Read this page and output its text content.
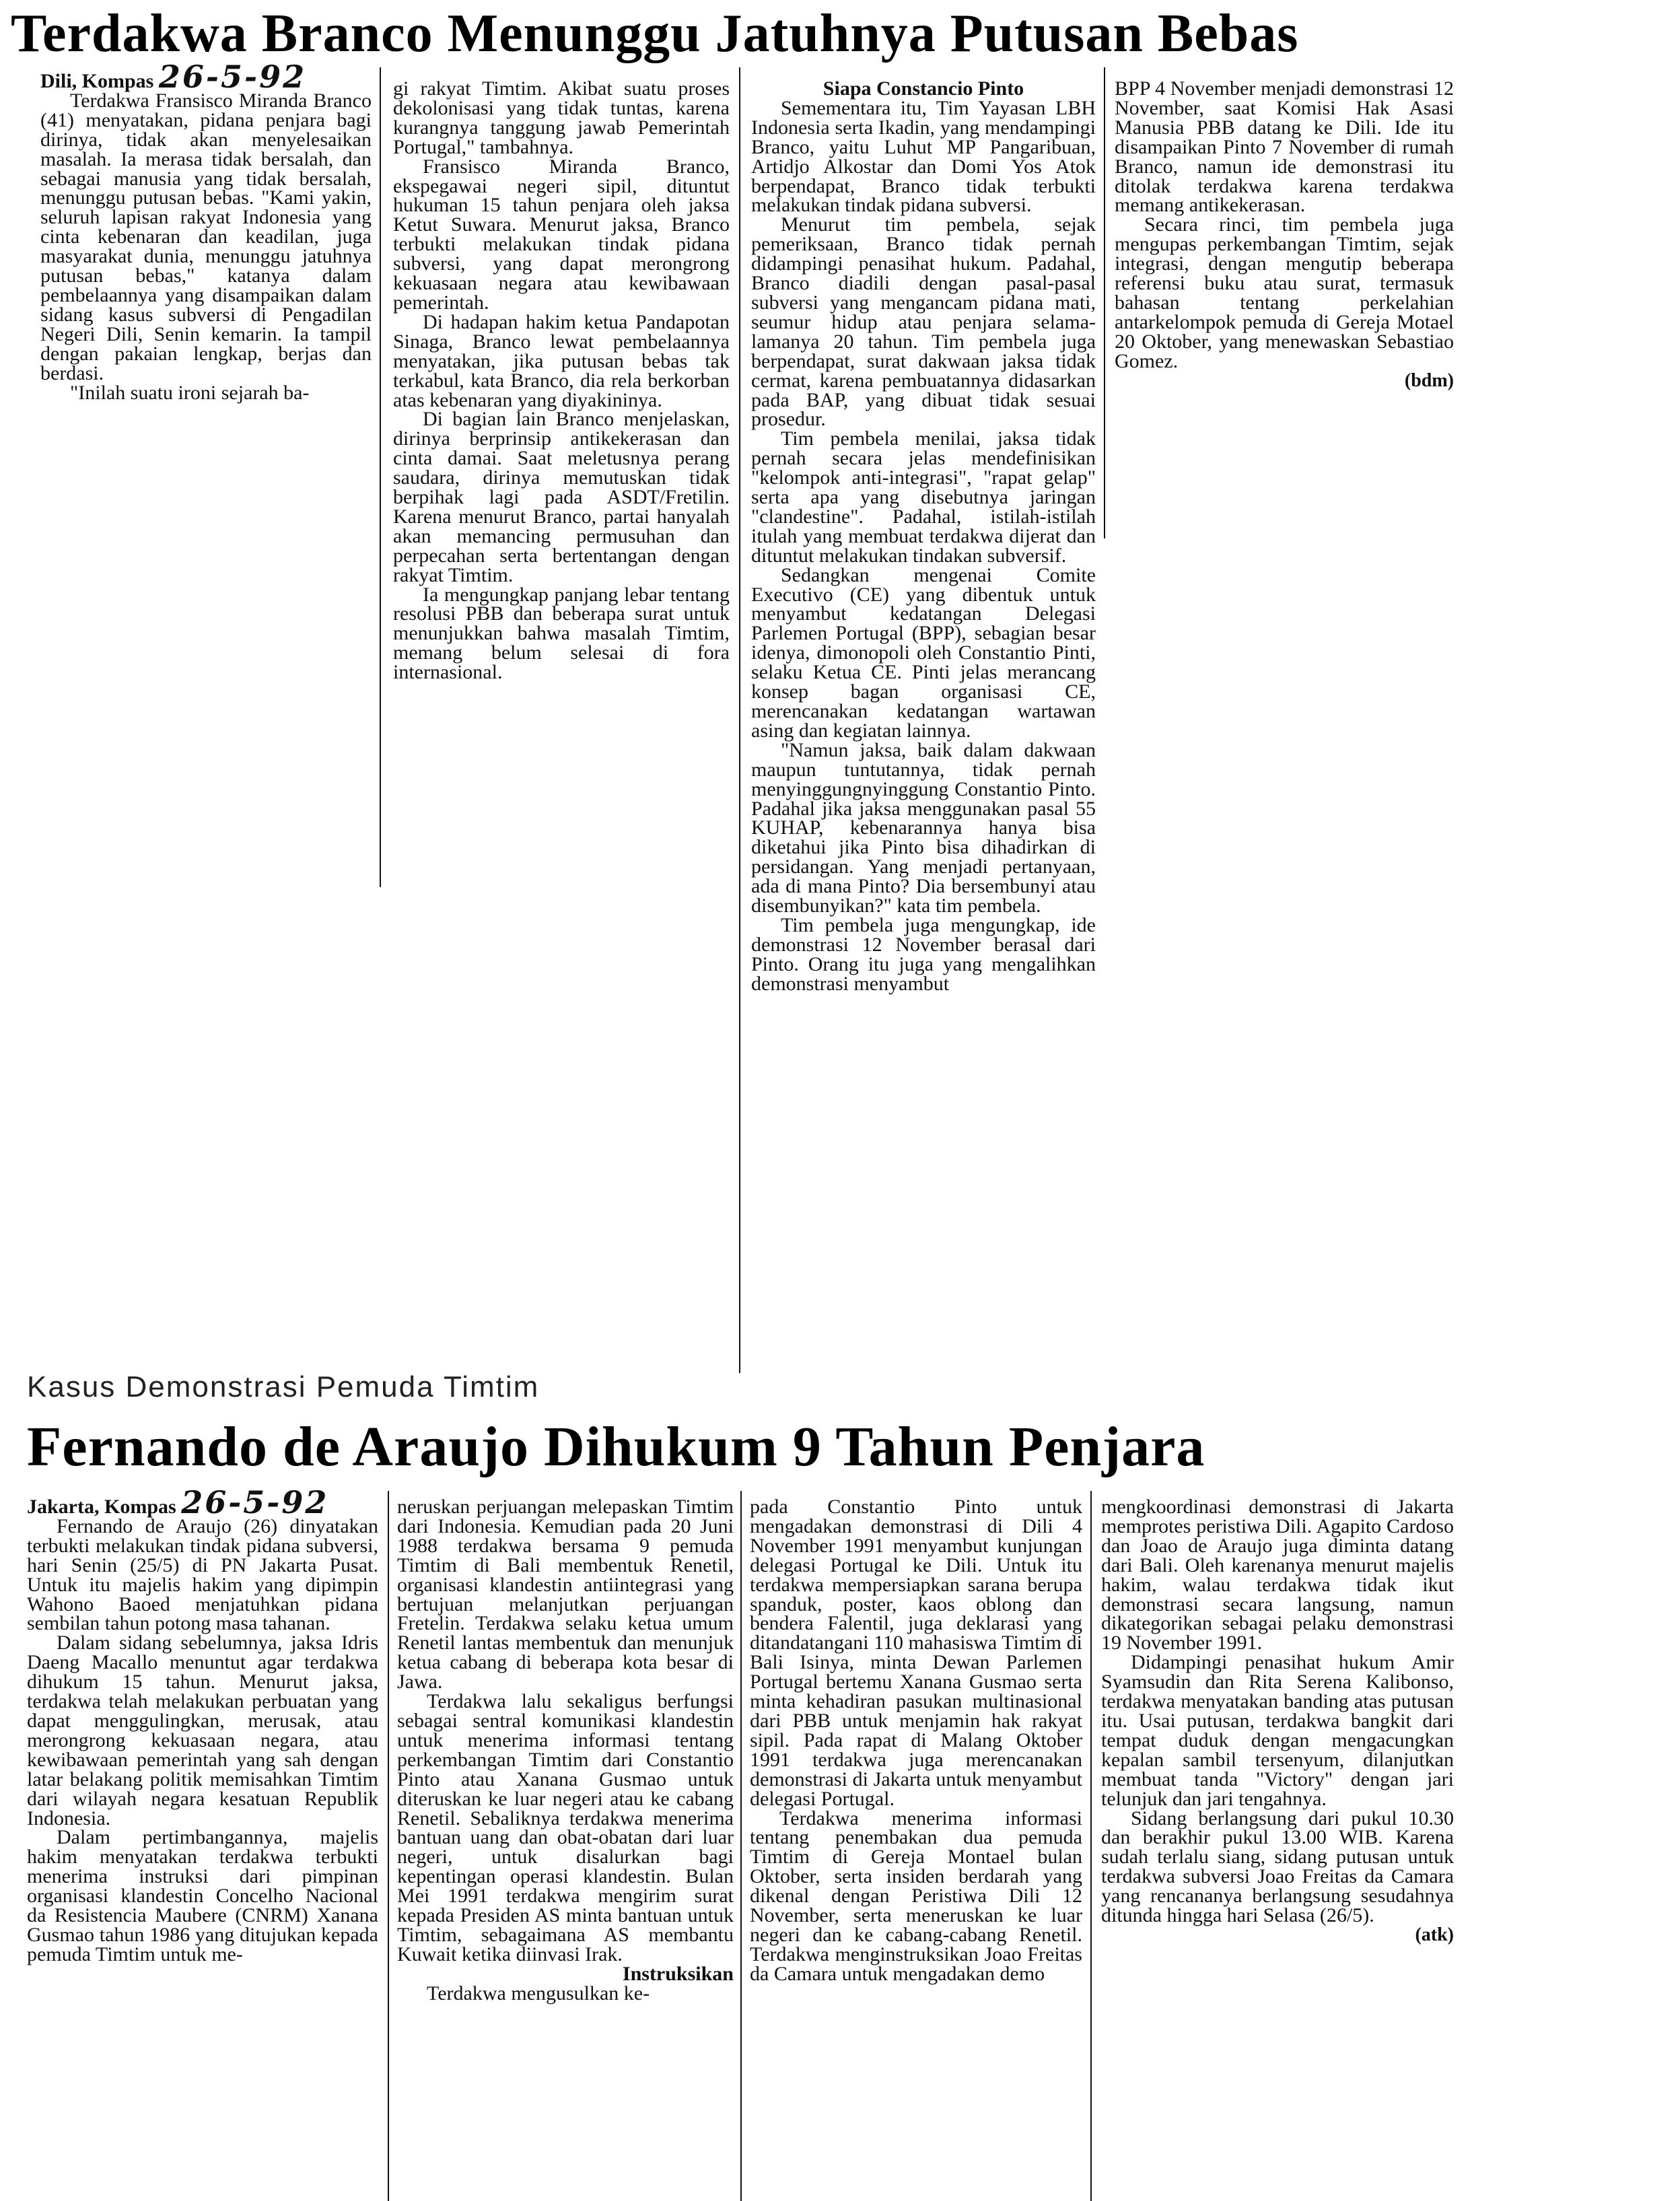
Terdakwa Branco Menunggu Jatuhnya Putusan Bebas

Dili, Kompas 26-5-92

Terdakwa Fransisco Miranda Branco (41) menyatakan, pidana penjara bagi dirinya, tidak akan menyelesaikan masalah. Ia merasa tidak bersalah, dan sebagai manusia yang tidak bersalah, menunggu putusan bebas. "Kami yakin, seluruh lapisan rakyat Indonesia yang cinta kebenaran dan keadilan, juga masyarakat dunia, menunggu jatuhnya putusan bebas," katanya dalam pembelaannya yang disampaikan dalam sidang kasus subversi di Pengadilan Negeri Dili, Senin kemarin. Ia tampil dengan pakaian lengkap, berjas dan berdasi.

"Inilah suatu ironi sejarah ba-

gi rakyat Timtim. Akibat suatu proses dekolonisasi yang tidak tuntas, karena kurangnya tanggung jawab Pemerintah Portugal," tambahnya.

Fransisco Miranda Branco, ekspegawai negeri sipil, dituntut hukuman 15 tahun penjara oleh jaksa Ketut Suwara. Menurut jaksa, Branco terbukti melakukan tindak pidana subversi, yang dapat merongrong kekuasaan negara atau kewibawaan pemerintah.

Di hadapan hakim ketua Pandapotan Sinaga, Branco lewat pembelaannya menyatakan, jika putusan bebas tak terkabul, kata Branco, dia rela berkorban atas kebenaran yang diyakininya.

Di bagian lain Branco menjelaskan, dirinya berprinsip antikekerasan dan cinta damai. Saat meletusnya perang saudara, dirinya memutuskan tidak berpihak lagi pada ASDT/Fretilin. Karena menurut Branco, partai hanyalah akan memancing permusuhan dan perpecahan serta bertentangan dengan rakyat Timtim.

Ia mengungkap panjang lebar tentang resolusi PBB dan beberapa surat untuk menunjukkan bahwa masalah Timtim, memang belum selesai di fora internasional.

Siapa Constancio Pinto

Semementara itu, Tim Yayasan LBH Indonesia serta Ikadin, yang mendampingi Branco, yaitu Luhut MP Pangaribuan, Artidjo Alkostar dan Domi Yos Atok berpendapat, Branco tidak terbukti melakukan tindak pidana subversi.

Menurut tim pembela, sejak pemeriksaan, Branco tidak pernah didampingi penasihat hukum. Padahal, Branco diadili dengan pasal-pasal subversi yang mengancam pidana mati, seumur hidup atau penjara selama-lamanya 20 tahun. Tim pembela juga berpendapat, surat dakwaan jaksa tidak cermat, karena pembuatannya didasarkan pada BAP, yang dibuat tidak sesuai prosedur.

Tim pembela menilai, jaksa tidak pernah secara jelas mendefinisikan "kelompok anti-integrasi", "rapat gelap" serta apa yang disebutnya jaringan "clandestine". Padahal, istilah-istilah itulah yang membuat terdakwa dijerat dan dituntut melakukan tindakan subversif.

Sedangkan mengenai Comite Executivo (CE) yang dibentuk untuk menyambut kedatangan Delegasi Parlemen Portugal (BPP), sebagian besar idenya, dimonopoli oleh Constantio Pinti, selaku Ketua CE. Pinti jelas merancang konsep bagan organisasi CE, merencanakan kedatangan wartawan asing dan kegiatan lainnya.

"Namun jaksa, baik dalam dakwaan maupun tuntutannya, tidak pernah menyinggungnyinggung Constantio Pinto. Padahal jika jaksa menggunakan pasal 55 KUHAP, kebenarannya hanya bisa diketahui jika Pinto bisa dihadirkan di persidangan. Yang menjadi pertanyaan, ada di mana Pinto? Dia bersembunyi atau disembunyikan?" kata tim pembela.

Tim pembela juga mengungkap, ide demonstrasi 12 November berasal dari Pinto. Orang itu juga yang mengalihkan demonstrasi menyambut

BPP 4 November menjadi demonstrasi 12 November, saat Komisi Hak Asasi Manusia PBB datang ke Dili. Ide itu disampaikan Pinto 7 November di rumah Branco, namun ide demonstrasi itu ditolak terdakwa karena terdakwa memang antikekerasan.

Secara rinci, tim pembela juga mengupas perkembangan Timtim, sejak integrasi, dengan mengutip beberapa referensi buku atau surat, termasuk bahasan tentang perkelahian antarkelompok pemuda di Gereja Motael 20 Oktober, yang menewaskan Sebastiao Gomez.

(bdm)
Kasus Demonstrasi Pemuda Timtim
Fernando de Araujo Dihukum 9 Tahun Penjara

Jakarta, Kompas 26-5-92

Fernando de Araujo (26) dinyatakan terbukti melakukan tindak pidana subversi, hari Senin (25/5) di PN Jakarta Pusat. Untuk itu majelis hakim yang dipimpin Wahono Baoed menjatuhkan pidana sembilan tahun potong masa tahanan.

Dalam sidang sebelumnya, jaksa Idris Daeng Macallo menuntut agar terdakwa dihukum 15 tahun. Menurut jaksa, terdakwa telah melakukan perbuatan yang dapat menggulingkan, merusak, atau merongrong kekuasaan negara, atau kewibawaan pemerintah yang sah dengan latar belakang politik memisahkan Timtim dari wilayah negara kesatuan Republik Indonesia.

Dalam pertimbangannya, majelis hakim menyatakan terdakwa terbukti menerima instruksi dari pimpinan organisasi klandestin Concelho Nacional da Resistencia Maubere (CNRM) Xanana Gusmao tahun 1986 yang ditujukan kepada pemuda Timtim untuk me-

neruskan perjuangan melepaskan Timtim dari Indonesia. Kemudian pada 20 Juni 1988 terdakwa bersama 9 pemuda Timtim di Bali membentuk Renetil, organisasi klandestin antiintegrasi yang bertujuan melanjutkan perjuangan Fretelin. Terdakwa selaku ketua umum Renetil lantas membentuk dan menunjuk ketua cabang di beberapa kota besar di Jawa.

Terdakwa lalu sekaligus berfungsi sebagai sentral komunikasi klandestin untuk menerima informasi tentang perkembangan Timtim dari Constantio Pinto atau Xanana Gusmao untuk diteruskan ke luar negeri atau ke cabang Renetil. Sebaliknya terdakwa menerima bantuan uang dan obat-obatan dari luar negeri, untuk disalurkan bagi kepentingan operasi klandestin. Bulan Mei 1991 terdakwa mengirim surat kepada Presiden AS minta bantuan untuk Timtim, sebagaimana AS membantu Kuwait ketika diinvasi Irak.

Instruksikan

Terdakwa mengusulkan ke-

pada Constantio Pinto untuk mengadakan demonstrasi di Dili 4 November 1991 menyambut kunjungan delegasi Portugal ke Dili. Untuk itu terdakwa mempersiapkan sarana berupa spanduk, poster, kaos oblong dan bendera Falentil, juga deklarasi yang ditandatangani 110 mahasiswa Timtim di Bali Isinya, minta Dewan Parlemen Portugal bertemu Xanana Gusmao serta minta kehadiran pasukan multinasional dari PBB untuk menjamin hak rakyat sipil. Pada rapat di Malang Oktober 1991 terdakwa juga merencanakan demonstrasi di Jakarta untuk menyambut delegasi Portugal.

Terdakwa menerima informasi tentang penembakan dua pemuda Timtim di Gereja Montael bulan Oktober, serta insiden berdarah yang dikenal dengan Peristiwa Dili 12 November, serta meneruskan ke luar negeri dan ke cabang-cabang Renetil. Terdakwa menginstruksikan Joao Freitas da Camara untuk mengadakan demo

mengkoordinasi demonstrasi di Jakarta memprotes peristiwa Dili. Agapito Cardoso dan Joao de Araujo juga diminta datang dari Bali. Oleh karenanya menurut majelis hakim, walau terdakwa tidak ikut demonstrasi secara langsung, namun dikategorikan sebagai pelaku demonstrasi 19 November 1991.

Didampingi penasihat hukum Amir Syamsudin dan Rita Serena Kalibonso, terdakwa menyatakan banding atas putusan itu. Usai putusan, terdakwa bangkit dari tempat duduk dengan mengacungkan kepalan sambil tersenyum, dilanjutkan membuat tanda "Victory" dengan jari telunjuk dan jari tengahnya.

Sidang berlangsung dari pukul 10.30 dan berakhir pukul 13.00 WIB. Karena sudah terlalu siang, sidang putusan untuk terdakwa subversi Joao Freitas da Camara yang rencananya berlangsung sesudahnya ditunda hingga hari Selasa (26/5).

(atk)
